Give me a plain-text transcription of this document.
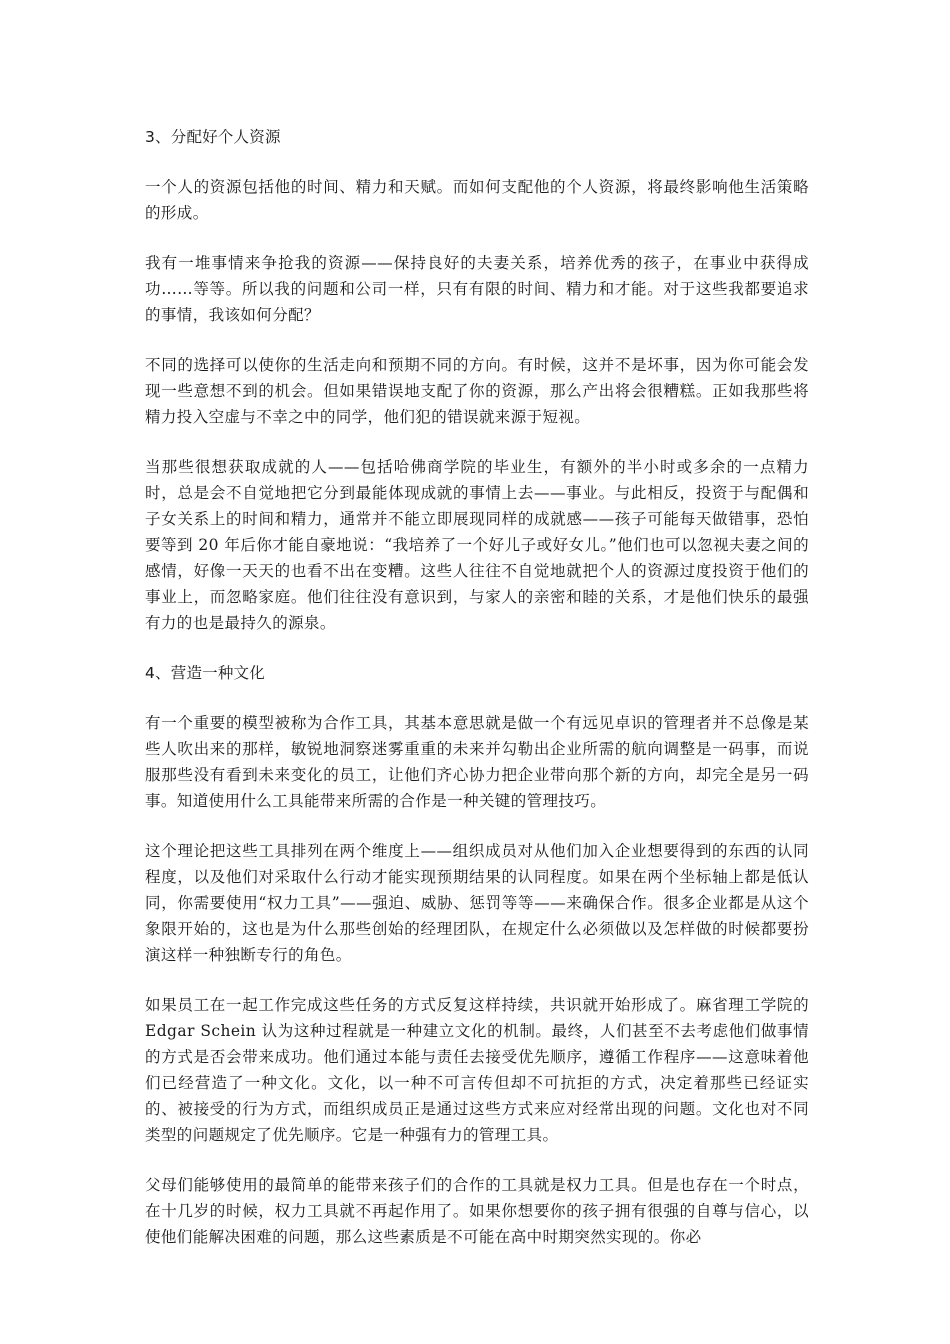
3、分配好个人资源

一个人的资源包括他的时间、精力和天赋。而如何支配他的个人资源，将最终影响他生活策略的形成。

我有一堆事情来争抢我的资源——保持良好的夫妻关系，培养优秀的孩子，在事业中获得成功……等等。所以我的问题和公司一样，只有有限的时间、精力和才能。对于这些我都要追求的事情，我该如何分配？

不同的选择可以使你的生活走向和预期不同的方向。有时候，这并不是坏事，因为你可能会发现一些意想不到的机会。但如果错误地支配了你的资源，那么产出将会很糟糕。正如我那些将精力投入空虚与不幸之中的同学，他们犯的错误就来源于短视。

当那些很想获取成就的人——包括哈佛商学院的毕业生，有额外的半小时或多余的一点精力时，总是会不自觉地把它分到最能体现成就的事情上去——事业。与此相反，投资于与配偶和子女关系上的时间和精力，通常并不能立即展现同样的成就感——孩子可能每天做错事，恐怕要等到 20 年后你才能自豪地说：“我培养了一个好儿子或好女儿。”他们也可以忽视夫妻之间的感情，好像一天天的也看不出在变糟。这些人往往不自觉地就把个人的资源过度投资于他们的事业上，而忽略家庭。他们往往没有意识到，与家人的亲密和睦的关系，才是他们快乐的最强有力的也是最持久的源泉。

4、营造一种文化

有一个重要的模型被称为合作工具，其基本意思就是做一个有远见卓识的管理者并不总像是某些人吹出来的那样，敏锐地洞察迷雾重重的未来并勾勒出企业所需的航向调整是一码事，而说服那些没有看到未来变化的员工，让他们齐心协力把企业带向那个新的方向，却完全是另一码事。知道使用什么工具能带来所需的合作是一种关键的管理技巧。

这个理论把这些工具排列在两个维度上——组织成员对从他们加入企业想要得到的东西的认同程度，以及他们对采取什么行动才能实现预期结果的认同程度。如果在两个坐标轴上都是低认同，你需要使用“权力工具”——强迫、威胁、惩罚等等——来确保合作。很多企业都是从这个象限开始的，这也是为什么那些创始的经理团队，在规定什么必须做以及怎样做的时候都要扮演这样一种独断专行的角色。

如果员工在一起工作完成这些任务的方式反复这样持续，共识就开始形成了。麻省理工学院的 Edgar Schein 认为这种过程就是一种建立文化的机制。最终，人们甚至不去考虑他们做事情的方式是否会带来成功。他们通过本能与责任去接受优先顺序，遵循工作程序——这意味着他们已经营造了一种文化。文化，以一种不可言传但却不可抗拒的方式，决定着那些已经证实的、被接受的行为方式，而组织成员正是通过这些方式来应对经常出现的问题。文化也对不同类型的问题规定了优先顺序。它是一种强有力的管理工具。

父母们能够使用的最简单的能带来孩子们的合作的工具就是权力工具。但是也存在一个时点，在十几岁的时候，权力工具就不再起作用了。如果你想要你的孩子拥有很强的自尊与信心，以使他们能解决困难的问题，那么这些素质是不可能在高中时期突然实现的。你必
